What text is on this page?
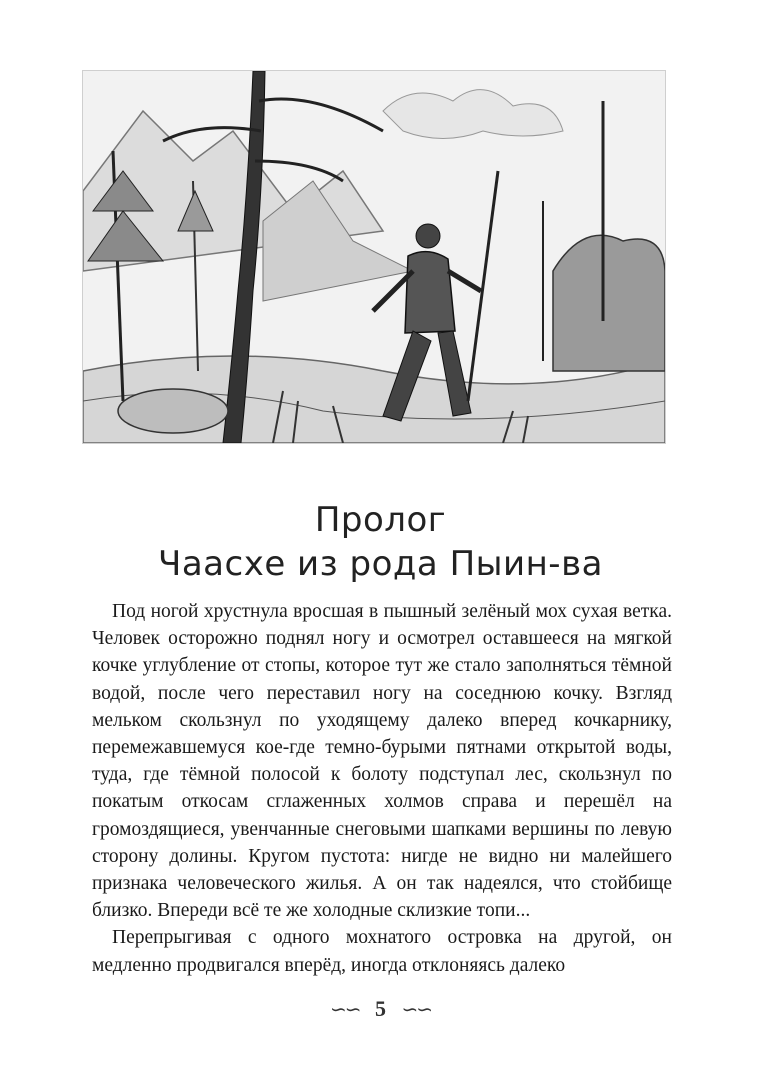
Пролог
Чаасхе из рода Пыин-ва

Под ногой хрустнула вросшая в пышный зелёный мох сухая ветка. Человек осторожно поднял ногу и осмотрел оставшееся на мягкой кочке углубление от стопы, которое тут же стало заполняться тёмной водой, после чего переставил ногу на соседнюю кочку. Взгляд мельком скользнул по уходящему далеко вперед кочкарнику, перемежавшемуся кое-где темно-бурыми пятнами открытой воды, туда, где тёмной полосой к болоту подступал лес, скользнул по покатым откосам сглаженных холмов справа и перешёл на громоздящиеся, увенчанные снеговыми шапками вершины по левую сторону долины. Кругом пустота: нигде не видно ни малейшего признака человеческого жилья. А он так надеялся, что стойбище близко. Впереди всё те же холодные склизкие топи...

Перепрыгивая с одного мохнатого островка на другой, он медленно продвигался вперёд, иногда отклоняясь далеко

∽∽ 5 ∽∽
